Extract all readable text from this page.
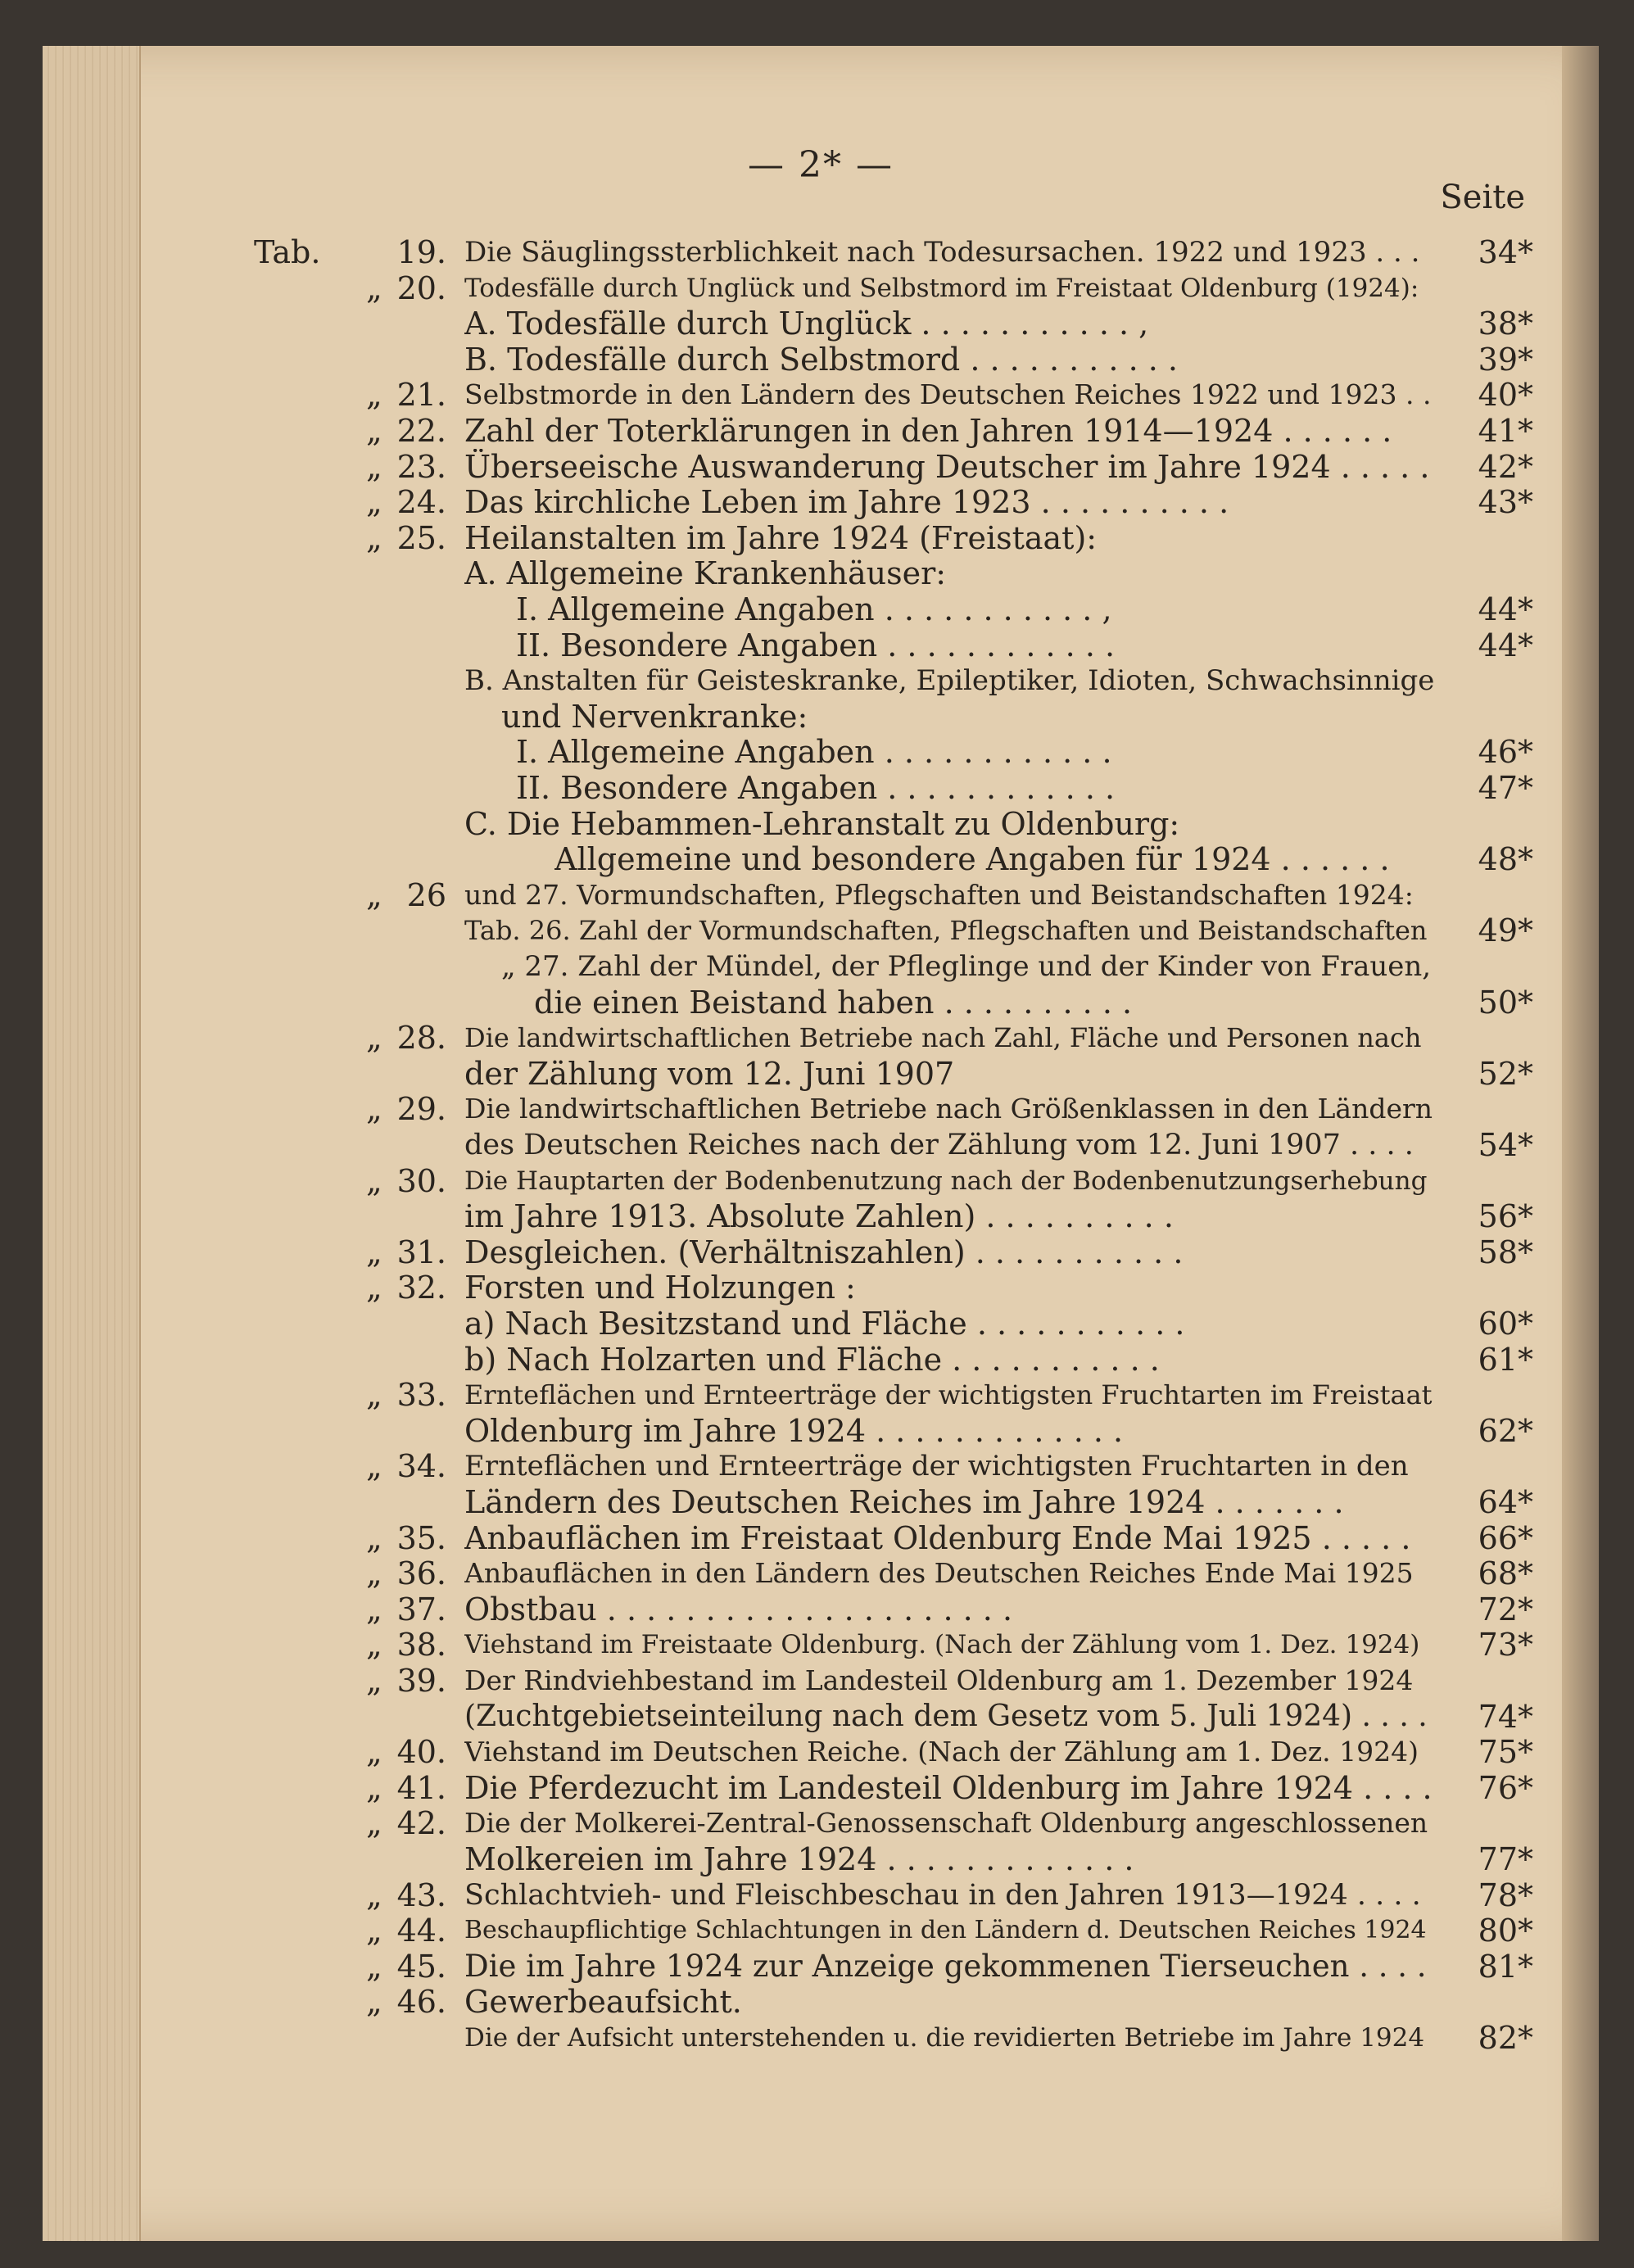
— 2* —
Seite
Tab.	19. Die Säuglingssterblichkeit nach Todesursachen. 1922 und 1923 . . .	34*
„ 20. Todesfälle durch Unglück und Selbstmord im Freistaat Oldenburg (1924):
A. Todesfälle durch Unglück . . . . . . . . . . . ,	38*
B. Todesfälle durch Selbstmord . . . . . . . . . . .	39*
„ 21. Selbstmorde in den Ländern des Deutschen Reiches 1922 und 1923 . .	40*
„ 22. Zahl der Toterklärungen in den Jahren 1914—1924 . . . . . .	41*
„ 23. Überseeische Auswanderung Deutscher im Jahre 1924 . . . . .	42*
„ 24. Das kirchliche Leben im Jahre 1923 . . . . . . . . . .	43*
„ 25. Heilanstalten im Jahre 1924 (Freistaat):
A. Allgemeine Krankenhäuser:
I. Allgemeine Angaben . . . . . . . . . . . ,	44*
II. Besondere Angaben . . . . . . . . . . . .	44*
B. Anstalten für Geisteskranke, Epileptiker, Idioten, Schwachsinnige
und Nervenkranke:
I. Allgemeine Angaben . . . . . . . . . . . .	46*
II. Besondere Angaben . . . . . . . . . . . .	47*
C. Die Hebammen-Lehranstalt zu Oldenburg:
Allgemeine und besondere Angaben für 1924 . . . . . .	48*
„ 26 und 27. Vormundschaften, Pflegschaften und Beistandschaften 1924:
Tab. 26. Zahl der Vormundschaften, Pflegschaften und Beistandschaften	49*
„ 27. Zahl der Mündel, der Pfleglinge und der Kinder von Frauen,
die einen Beistand haben . . . . . . . . . .	50*
„ 28. Die landwirtschaftlichen Betriebe nach Zahl, Fläche und Personen nach
der Zählung vom 12. Juni 1907	52*
„ 29. Die landwirtschaftlichen Betriebe nach Größenklassen in den Ländern
des Deutschen Reiches nach der Zählung vom 12. Juni 1907 . . . .	54*
„ 30. Die Hauptarten der Bodenbenutzung nach der Bodenbenutzungserhebung
im Jahre 1913. Absolute Zahlen) . . . . . . . . . .	56*
„ 31. Desgleichen. (Verhältniszahlen) . . . . . . . . . . .	58*
„ 32. Forsten und Holzungen :
a) Nach Besitzstand und Fläche . . . . . . . . . . .	60*
b) Nach Holzarten und Fläche . . . . . . . . . . .	61*
„ 33. Ernteflächen und Ernteerträge der wichtigsten Fruchtarten im Freistaat
Oldenburg im Jahre 1924 . . . . . . . . . . . . .	62*
„ 34. Ernteflächen und Ernteerträge der wichtigsten Fruchtarten in den
Ländern des Deutschen Reiches im Jahre 1924 . . . . . . .	64*
„ 35. Anbauflächen im Freistaat Oldenburg Ende Mai 1925 . . . . .	66*
„ 36. Anbauflächen in den Ländern des Deutschen Reiches Ende Mai 1925	68*
„ 37. Obstbau . . . . . . . . . . . . . . . . . . . . .	72*
„ 38. Viehstand im Freistaate Oldenburg. (Nach der Zählung vom 1. Dez. 1924)	73*
„ 39. Der Rindviehbestand im Landesteil Oldenburg am 1. Dezember 1924
(Zuchtgebietseinteilung nach dem Gesetz vom 5. Juli 1924) . . . .	74*
„ 40. Viehstand im Deutschen Reiche. (Nach der Zählung am 1. Dez. 1924)	75*
„ 41. Die Pferdezucht im Landesteil Oldenburg im Jahre 1924 . . . .	76*
„ 42. Die der Molkerei-Zentral-Genossenschaft Oldenburg angeschlossenen
Molkereien im Jahre 1924 . . . . . . . . . . . . .	77*
„ 43. Schlachtvieh- und Fleischbeschau in den Jahren 1913—1924 . . . .	78*
„ 44. Beschaupflichtige Schlachtungen in den Ländern d. Deutschen Reiches 1924	80*
„ 45. Die im Jahre 1924 zur Anzeige gekommenen Tierseuchen . . . .	81*
„ 46. Gewerbeaufsicht.
Die der Aufsicht unterstehenden u. die revidierten Betriebe im Jahre 1924	82*
